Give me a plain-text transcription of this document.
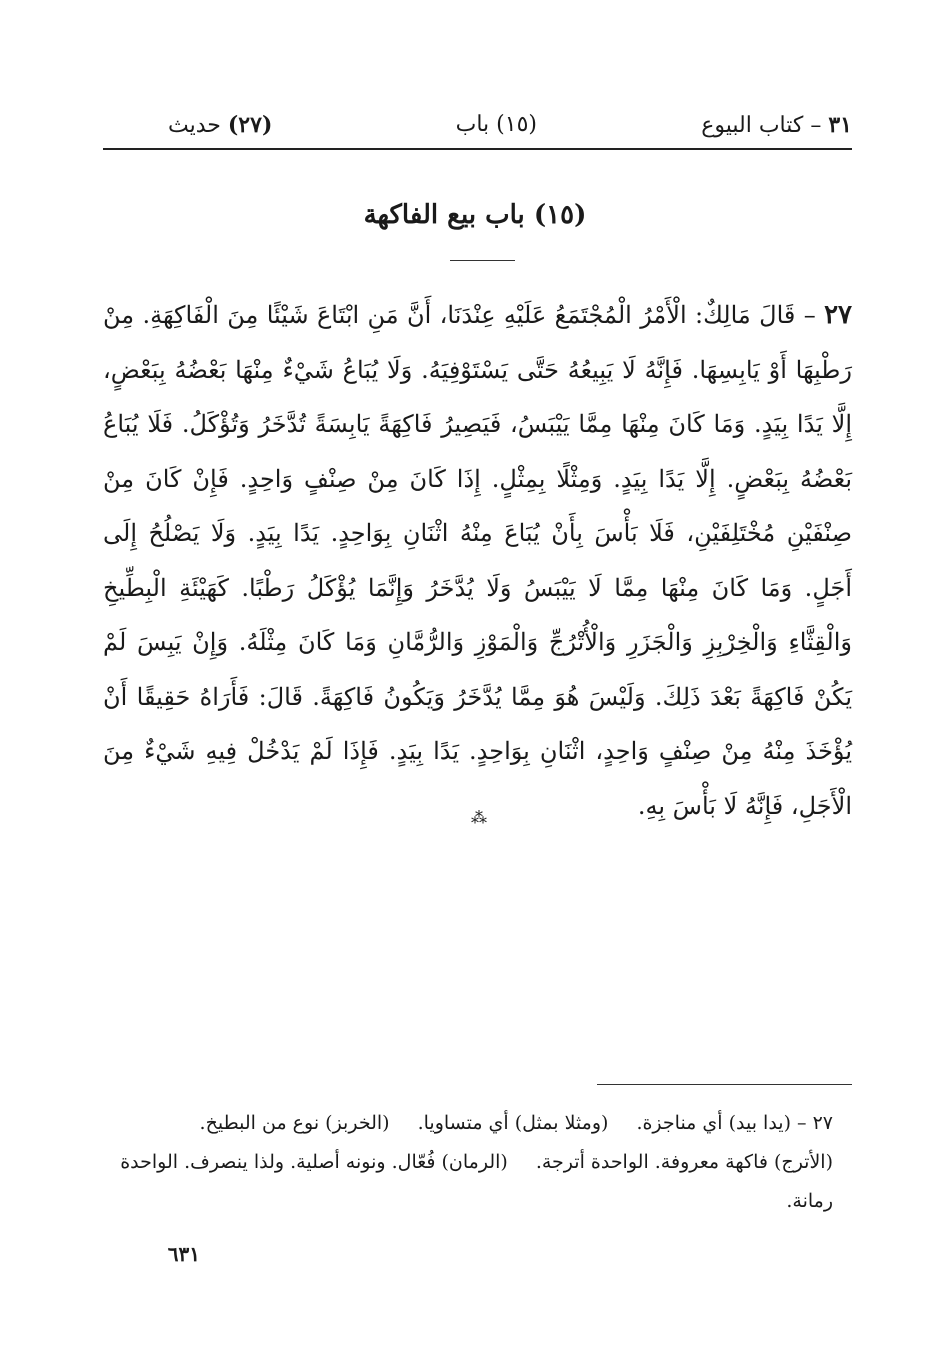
٣١ – كتاب البيوع
(١٥) باب
(٢٧) حديث
(١٥) باب بيع الفاكهة
٢٧ – قَالَ مَالِكٌ: الْأَمْرُ الْمُجْتَمَعُ عَلَيْهِ عِنْدَنَا، أَنَّ مَنِ ابْتَاعَ شَيْئًا مِنَ الْفَاكِهَةِ. مِنْ رَطْبِهَا أَوْ يَابِسِهَا. فَإِنَّهُ لَا يَبِيعُهُ حَتَّى يَسْتَوْفِيَهُ. وَلَا يُبَاعُ شَيْءٌ مِنْهَا بَعْضُهُ بِبَعْضٍ، إِلَّا يَدًا بِيَدٍ. وَمَا كَانَ مِنْهَا مِمَّا يَيْبَسُ، فَيَصِيرُ فَاكِهَةً يَابِسَةً تُدَّخَرُ وَتُؤْكَلُ. فَلَا يُبَاعُ بَعْضُهُ بِبَعْضٍ. إِلَّا يَدًا بِيَدٍ. وَمِثْلًا بِمِثْلٍ. إِذَا كَانَ مِنْ صِنْفٍ وَاحِدٍ. فَإِنْ كَانَ مِنْ صِنْفَيْنِ مُخْتَلِفَيْنِ، فَلَا بَأْسَ بِأَنْ يُبَاعَ مِنْهُ اثْنَانِ بِوَاحِدٍ. يَدًا بِيَدٍ. وَلَا يَصْلُحُ إِلَى أَجَلٍ. وَمَا كَانَ مِنْهَا مِمَّا لَا يَيْبَسُ وَلَا يُدَّخَرُ وَإِنَّمَا يُؤْكَلُ رَطْبًا. كَهَيْئَةِ الْبِطِّيخِ وَالْقِثَّاءِ وَالْخِرْبِزِ وَالْجَزَرِ وَالْأُتْرُجِّ وَالْمَوْزِ وَالرُّمَّانِ وَمَا كَانَ مِثْلَهُ. وَإِنْ يَبِسَ لَمْ يَكُنْ فَاكِهَةً بَعْدَ ذَلِكَ. وَلَيْسَ هُوَ مِمَّا يُدَّخَرُ وَيَكُونُ فَاكِهَةً. قَالَ: فَأَرَاهُ حَقِيقًا أَنْ يُؤْخَذَ مِنْهُ مِنْ صِنْفٍ وَاحِدٍ، اثْنَانِ بِوَاحِدٍ. يَدًا بِيَدٍ. فَإِذَا لَمْ يَدْخُلْ فِيهِ شَيْءٌ مِنَ الْأَجَلِ، فَإِنَّهُ لَا بَأْسَ بِهِ.
⁂
٢٧ – (يدا بيد) أي مناجزة.(ومثلا بمثل) أي متساويا.(الخربز) نوع من البطيخ.
(الأترج) فاكهة معروفة. الواحدة أترجة.(الرمان) فُعّال. ونونه أصلية. ولذا ينصرف. الواحدة
رمانة.
٦٣١
